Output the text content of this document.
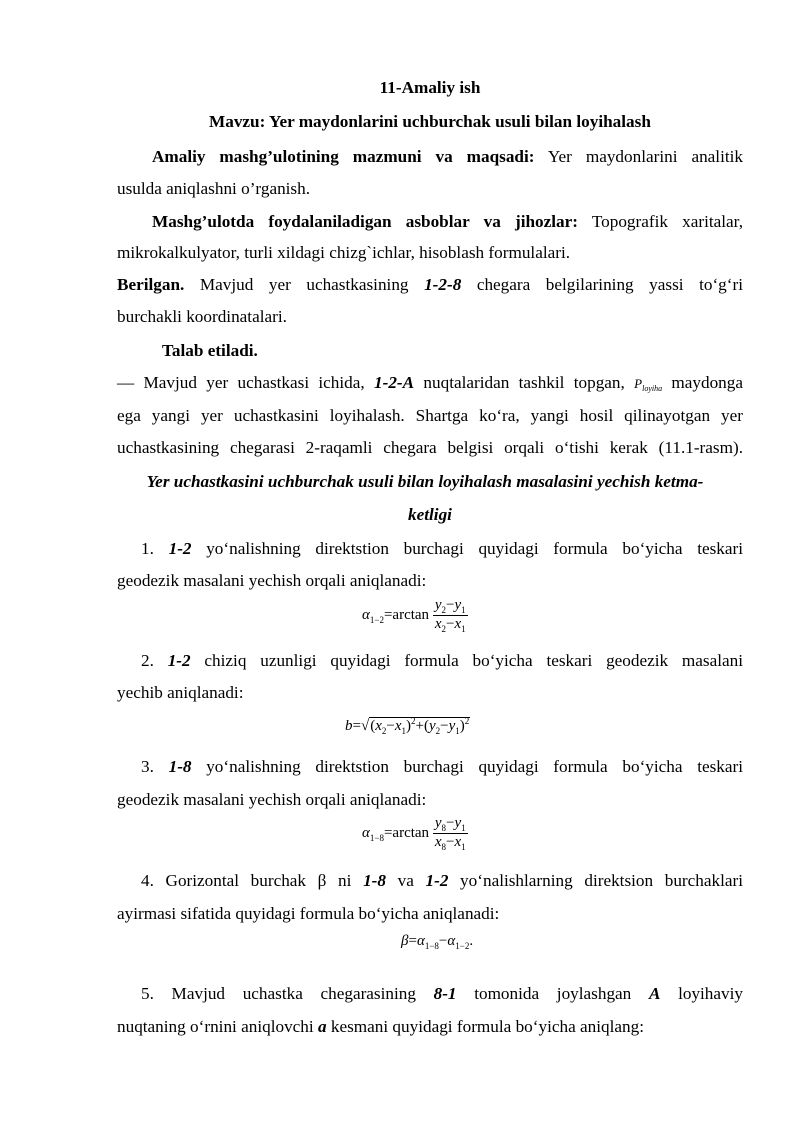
11-Amaliy ish
Mavzu: Yer maydonlarini uchburchak usuli bilan loyihalash
Amaliy mashg’ulotining mazmuni va maqsadi: Yer maydonlarini analitik
usulda aniqlashni o’rganish.
Mashg’ulotda foydalaniladigan asboblar va jihozlar: Topografik xaritalar,
mikrokalkulyator, turli xildagi chizg`ichlar, hisoblash formulalari.
Berilgan. Mavjud yer uchastkasining 1-2-8 chegara belgilarining yassi to‘g‘ri
burchakli koordinatalari.
Talab etiladi.
— Mavjud yer uchastkasi ichida, 1-2-A nuqtalaridan tashkil topgan, $P_{loyiha}$ maydonga
ega yangi yer uchastkasini loyihalash. Shartga ko‘ra, yangi hosil qilinayotgan yer
uchastkasining chegarasi 2-raqamli chegara belgisi orqali o‘tishi kerak (11.1-rasm).
Yer uchastkasini uchburchak usuli bilan loyihalash masalasini yechish ketma-
ketligi
1. 1-2 yo‘nalishning direktstion burchagi quyidagi formula bo‘yicha teskari
geodezik masalani yechish orqali aniqlanadi:
$\alpha_{1-2}=\arctan \frac{y_2-y_1}{x_2-x_1}$
2. 1-2 chiziq uzunligi quyidagi formula bo‘yicha teskari geodezik masalani
yechib aniqlanadi:
$b=√(x_2-x_1)^2+(y_2-y_1)^2$
3. 1-8 yo‘nalishning direktstion burchagi quyidagi formula bo‘yicha teskari
geodezik masalani yechish orqali aniqlanadi:
$\alpha_{1-8}=\arctan \frac{y_8-y_1}{x_8-x_1}$
4. Gorizontal burchak β ni 1-8 va 1-2 yo‘nalishlarning direktsion burchaklari
ayirmasi sifatida quyidagi formula bo‘yicha aniqlanadi:
$\beta=\alpha_{1-8}-\alpha_{1-2}$.
5. Mavjud uchastka chegarasining 8-1 tomonida joylashgan A loyihaviy
nuqtaning o‘rnini aniqlovchi a kesmani quyidagi formula bo‘yicha aniqlang:
